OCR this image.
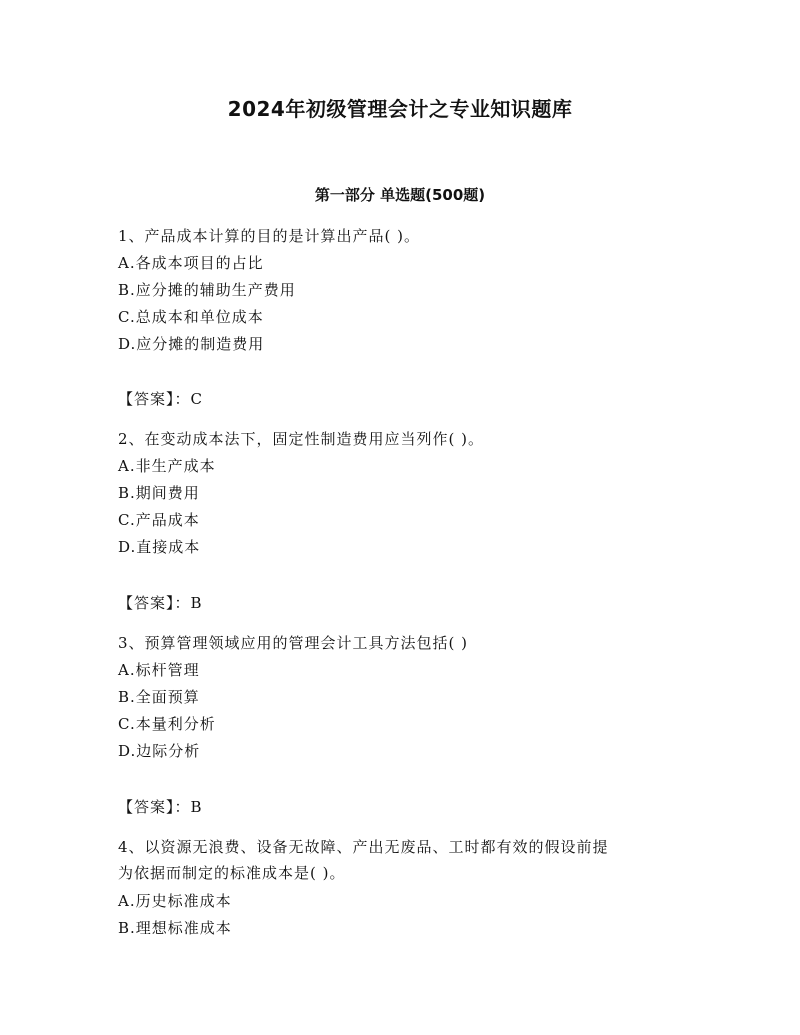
2024年初级管理会计之专业知识题库
第一部分 单选题(500题)
1、产品成本计算的目的是计算出产品( )。
A.各成本项目的占比
B.应分摊的辅助生产费用
C.总成本和单位成本
D.应分摊的制造费用
【答案】：C
2、在变动成本法下，固定性制造费用应当列作( )。
A.非生产成本
B.期间费用
C.产品成本
D.直接成本
【答案】：B
3、预算管理领域应用的管理会计工具方法包括( )
A.标杆管理
B.全面预算
C.本量利分析
D.边际分析
【答案】：B
4、以资源无浪费、设备无故障、产出无废品、工时都有效的假设前提
为依据而制定的标准成本是( )。
A.历史标准成本
B.理想标准成本
